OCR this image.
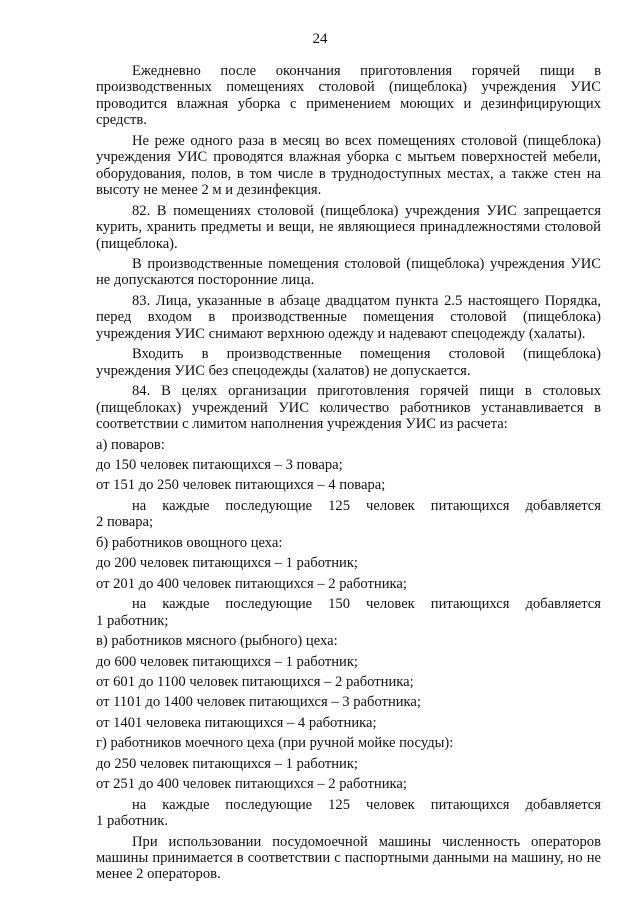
24

Ежедневно после окончания приготовления горячей пищи в производственных помещениях столовой (пищеблока) учреждения УИС проводится влажная уборка с применением моющих и дезинфицирующих средств.

Не реже одного раза в месяц во всех помещениях столовой (пищеблока) учреждения УИС проводятся влажная уборка с мытьем поверхностей мебели, оборудования, полов, в том числе в труднодоступных местах, а также стен на высоту не менее 2 м и дезинфекция.

82. В помещениях столовой (пищеблока) учреждения УИС запрещается курить, хранить предметы и вещи, не являющиеся принадлежностями столовой (пищеблока).

В производственные помещения столовой (пищеблока) учреждения УИС не допускаются посторонние лица.

83. Лица, указанные в абзаце двадцатом пункта 2.5 настоящего Порядка, перед входом в производственные помещения столовой (пищеблока) учреждения УИС снимают верхнюю одежду и надевают спецодежду (халаты).

Входить в производственные помещения столовой (пищеблока) учреждения УИС без спецодежды (халатов) не допускается.

84. В целях организации приготовления горячей пищи в столовых (пищеблоках) учреждений УИС количество работников устанавливается в соответствии с лимитом наполнения учреждения УИС из расчета:

а) поваров:

до 150 человек питающихся – 3 повара;

от 151 до 250 человек питающихся – 4 повара;

на каждые последующие 125 человек питающихся добавляется

2 повара;

б) работников овощного цеха:

до 200 человек питающихся – 1 работник;

от 201 до 400 человек питающихся – 2 работника;

на каждые последующие 150 человек питающихся добавляется

1 работник;

в) работников мясного (рыбного) цеха:

до 600 человек питающихся – 1 работник;

от 601 до 1100 человек питающихся – 2 работника;

от 1101 до 1400 человек питающихся – 3 работника;

от 1401 человека питающихся – 4 работника;

г) работников моечного цеха (при ручной мойке посуды):

до 250 человек питающихся – 1 работник;

от 251 до 400 человек питающихся – 2 работника;

на каждые последующие 125 человек питающихся добавляется

1 работник.

При использовании посудомоечной машины численность операторов машины принимается в соответствии с паспортными данными на машину, но не менее 2 операторов.
